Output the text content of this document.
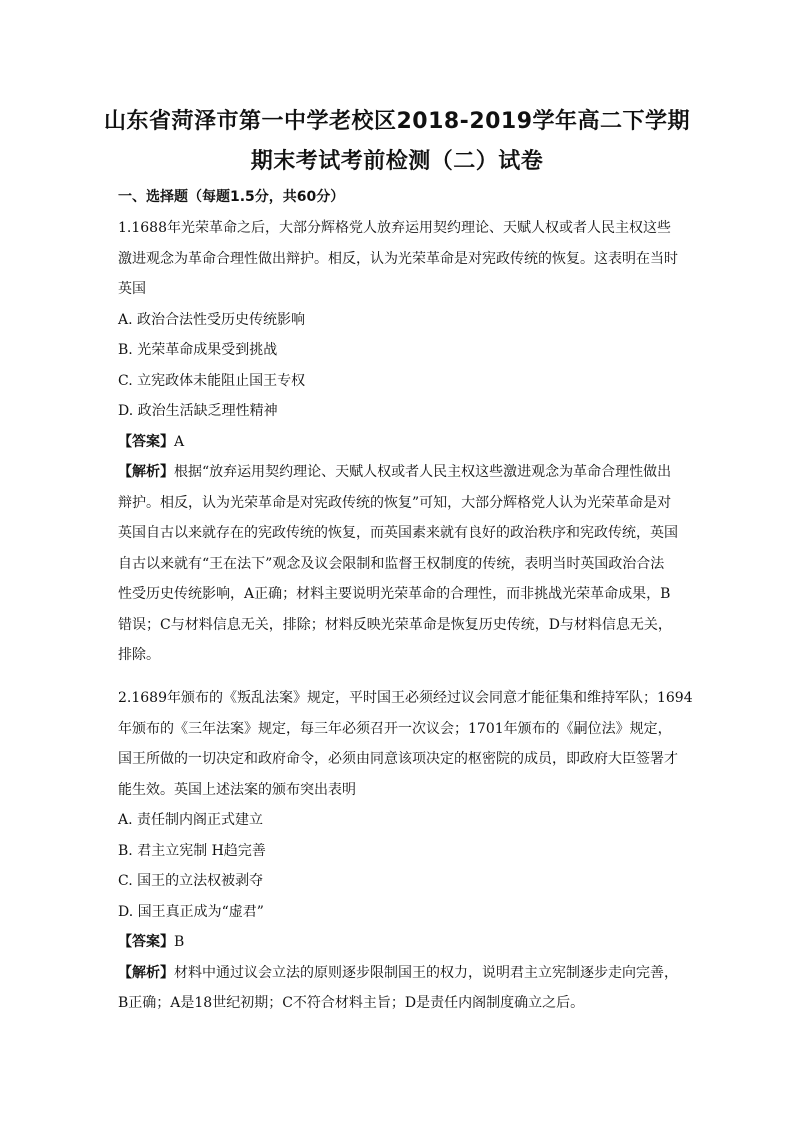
山东省菏泽市第一中学老校区2018-2019学年高二下学期
期末考试考前检测（二）试卷
一、选择题（每题1.5分，共60分）
1.1688年光荣革命之后，大部分辉格党人放弃运用契约理论、天赋人权或者人民主权这些
激进观念为革命合理性做出辩护。相反，认为光荣革命是对宪政传统的恢复。这表明在当时
英国
A. 政治合法性受历史传统影响
B. 光荣革命成果受到挑战
C. 立宪政体未能阻止国王专权
D. 政治生活缺乏理性精神
【答案】A
【解析】根据“放弃运用契约理论、天赋人权或者人民主权这些激进观念为革命合理性做出
辩护。相反，认为光荣革命是对宪政传统的恢复”可知，大部分辉格党人认为光荣革命是对
英国自古以来就存在的宪政传统的恢复，而英国素来就有良好的政治秩序和宪政传统，英国
自古以来就有“王在法下”观念及议会限制和监督王权制度的传统，表明当时英国政治合法
性受历史传统影响，A正确；材料主要说明光荣革命的合理性，而非挑战光荣革命成果，B
错误；C与材料信息无关，排除；材料反映光荣革命是恢复历史传统，D与材料信息无关，
排除。
2.1689年颁布的《叛乱法案》规定，平时国王必须经过议会同意才能征集和维持军队；1694
年颁布的《三年法案》规定，每三年必须召开一次议会；1701年颁布的《嗣位法》规定，
国王所做的一切决定和政府命令，必须由同意该项决定的枢密院的成员，即政府大臣签署才
能生效。英国上述法案的颁布突出表明
A. 责任制内阁正式建立
B. 君主立宪制 H趋完善
C. 国王的立法权被剥夺
D. 国王真正成为“虚君”
【答案】B
【解析】材料中通过议会立法的原则逐步限制国王的权力，说明君主立宪制逐步走向完善，
B正确；A是18世纪初期；C不符合材料主旨；D是责任内阁制度确立之后。
